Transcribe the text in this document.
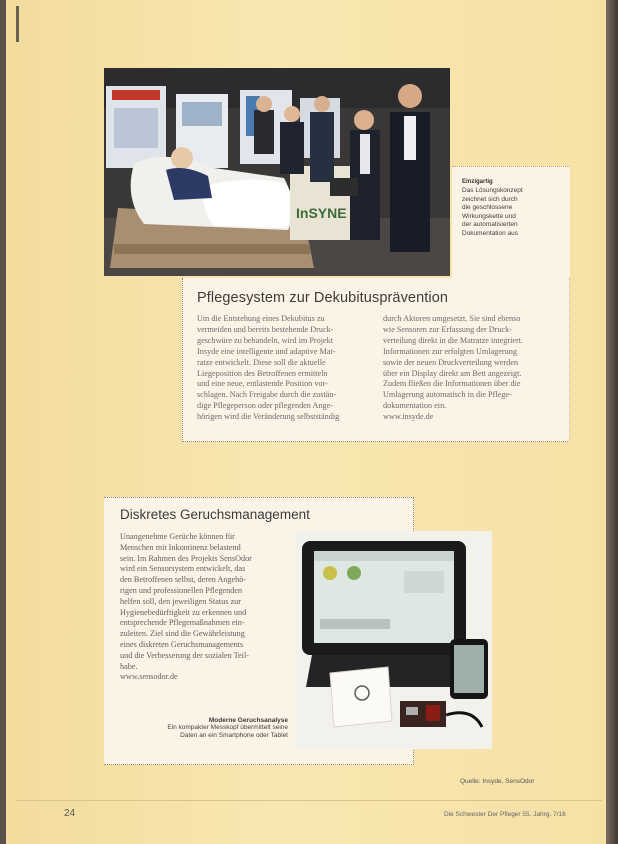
InSYNE
Einzigartig
Das Lösungskonzept
zeichnet sich durch
die geschlossene
Wirkungskette und
der automatisierten
Dokumentation aus
Pflegesystem zur Dekubitusprävention
Um die Entstehung eines Dekubitus zu
vermeiden und bereits bestehende Druck-
geschwüre zu behandeln, wird im Projekt
Insyde eine intelligente und adaptive Mat-
ratze entwickelt. Diese soll die aktuelle
Liegeposition des Betroffenen ermitteln
und eine neue, entlastende Position vor-
schlagen. Nach Freigabe durch die zustän-
dige Pflegeperson oder pflegenden Ange-
hörigen wird die Veränderung selbstständig
durch Aktoren umgesetzt. Sie sind ebenso
wie Sensoren zur Erfassung der Druck-
verteilung direkt in die Matratze integriert.
Informationen zur erfolgten Umlagerung
sowie der neuen Druckverteilung werden
über ein Display direkt am Bett angezeigt.
Zudem fließen die Informationen über die
Umlagerung automatisch in die Pflege-
dokumentation ein.
www.insyde.de
Diskretes Geruchsmanagement
Unangenehme Gerüche können für
Menschen mit Inkontinenz belastend
sein. Im Rahmen des Projekts SensOdor
wird ein Sensorsystem entwickelt, das
den Betroffenen selbst, deren Angehö-
rigen und professionellen Pflegenden
helfen soll, den jeweiligen Status zur
Hygienebedürftigkeit zu erkennen und
entsprechende Pflegemaßnahmen ein-
zuleiten. Ziel sind die Gewährleistung
eines diskreten Geruchsmanagements
und die Verbesserung der sozialen Teil-
habe.
www.sensodor.de
Moderne Geruchsanalyse
Ein kompakter Messkopf übermittelt seine
Daten an ein Smartphone oder Tablet
Quelle: Insyde, SensOdor
24	Die Schwester Der Pfleger 55. Jahrg. 7/16
